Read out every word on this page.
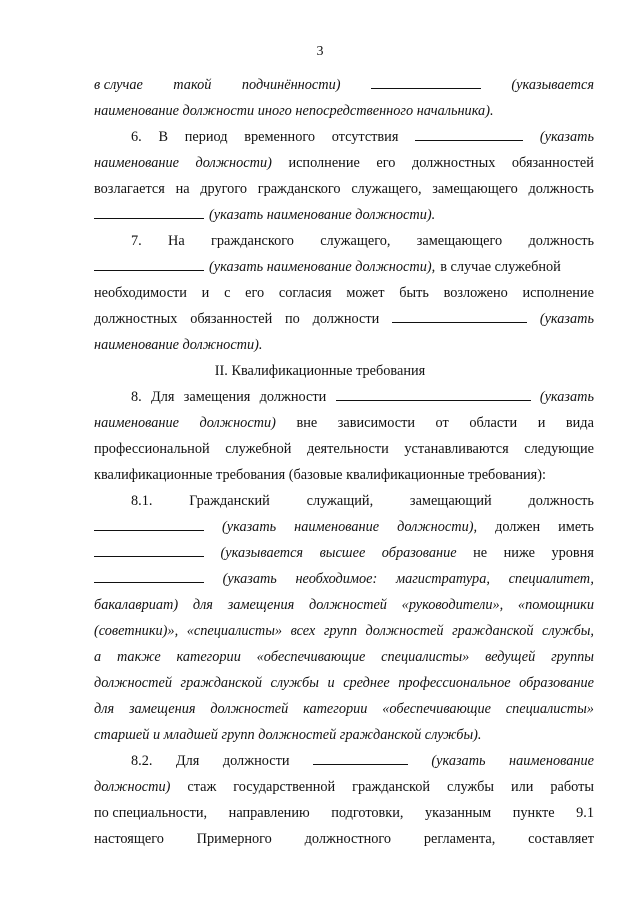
3
в случае такой подчинённости)	(указывается
наименование должности иного непосредственного начальника).
6. В период временного отсутствия	(указать
наименование должности) исполнение его должностных обязанностей
возлагается на другого гражданского служащего, замещающего должность
(указать наименование должности).
7. На гражданского служащего, замещающего должность
(указать наименование должности), в случае служебной
необходимости и с его согласия может быть возложено исполнение
должностных обязанностей по должности	(указать
наименование должности).
II. Квалификационные требования
8. Для замещения должности	(указать
наименование должности) вне зависимости от области и вида
профессиональной служебной деятельности устанавливаются следующие
квалификационные требования (базовые квалификационные требования):
8.1.	Гражданский	служащий,	замещающий	должность
(указать наименование должности), должен иметь
(указывается высшее образование не ниже уровня
(указать необходимое: магистратура, специалитет,
бакалавриат) для замещения должностей «руководители», «помощники
(советники)», «специалисты» всех групп должностей гражданской службы,
а также категории «обеспечивающие специалисты» ведущей группы
должностей гражданской службы и среднее профессиональное образование
для замещения должностей категории «обеспечивающие специалисты»
старшей и младшей групп должностей гражданской службы).
8.2. Для должности	(указать наименование
должности) стаж государственной гражданской службы или работы
по специальности, направлению подготовки, указанным пункте 9.1
настоящего Примерного должностного регламента, составляет
